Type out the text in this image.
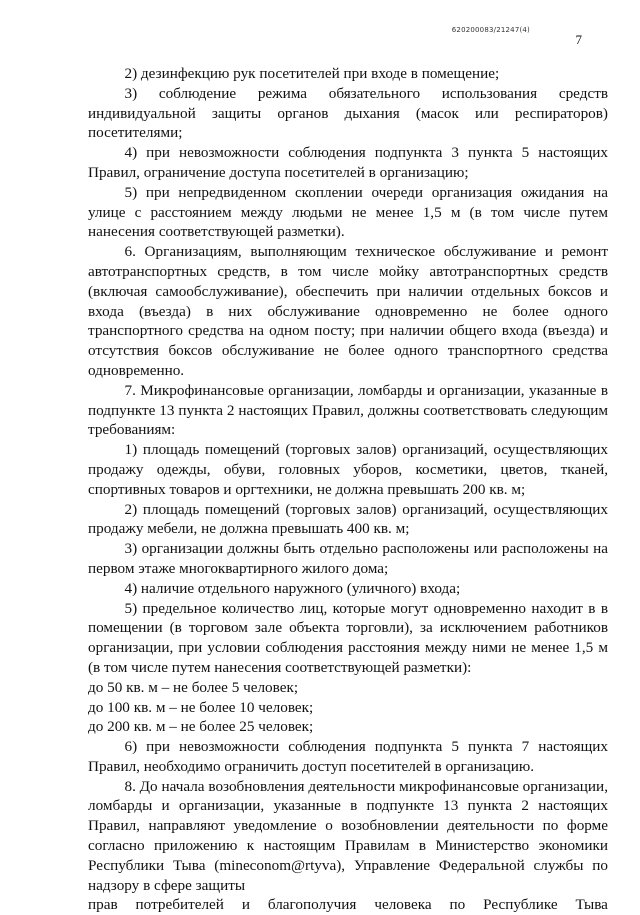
620200083/21247(4)
7

2) дезинфекцию рук посетителей при входе в помещение;

3) соблюдение режима обязательного использования средств индивидуальной защиты органов дыхания (масок или респираторов) посетителями;

4) при невозможности соблюдения подпункта 3 пункта 5 настоящих Правил, ограничение доступа посетителей в организацию;

5) при непредвиденном скоплении очереди организация ожидания на улице с расстоянием между людьми не менее 1,5 м (в том числе путем нанесения соответствующей разметки).

6. Организациям, выполняющим техническое обслуживание и ремонт автотранспортных средств, в том числе мойку автотранспортных средств (включая самообслуживание), обеспечить при наличии отдельных боксов и входа (въезда) в них обслуживание одновременно не более одного транспортного средства на одном посту; при наличии общего входа (въезда) и отсутствия боксов обслуживание не более одного транспортного средства одновременно.

7. Микрофинансовые организации, ломбарды и организации, указанные в подпункте 13 пункта 2 настоящих Правил, должны соответствовать следующим требованиям:

1) площадь помещений (торговых залов) организаций, осуществляющих продажу одежды, обуви, головных уборов, косметики, цветов, тканей, спортивных товаров и оргтехники, не должна превышать 200 кв. м;

2) площадь помещений (торговых залов) организаций, осуществляющих продажу мебели, не должна превышать 400 кв. м;

3) организации должны быть отдельно расположены или расположены на первом этаже многоквартирного жилого дома;

4) наличие отдельного наружного (уличного) входа;

5) предельное количество лиц, которые могут одновременно находит в в помещении (в торговом зале объекта торговли), за исключением работников организации, при условии соблюдения расстояния между ними не менее 1,5 м (в том числе путем нанесения соответствующей разметки):

до 50 кв. м – не более 5 человек;

до 100 кв. м – не более 10 человек;

до 200 кв. м – не более 25 человек;

6) при невозможности соблюдения подпункта 5 пункта 7 настоящих Правил, необходимо ограничить доступ посетителей в организацию.

8. До начала возобновления деятельности микрофинансовые организации, ломбарды и организации, указанные в подпункте 13 пункта 2 настоящих Правил, направляют уведомление о возобновлении деятельности по форме согласно приложению к настоящим Правилам в Министерство экономики Республики Тыва (mineconom@rtyva), Управление Федеральной службы по надзору в сфере защиты

прав потребителей и благополучия человека по Республике Тыва
